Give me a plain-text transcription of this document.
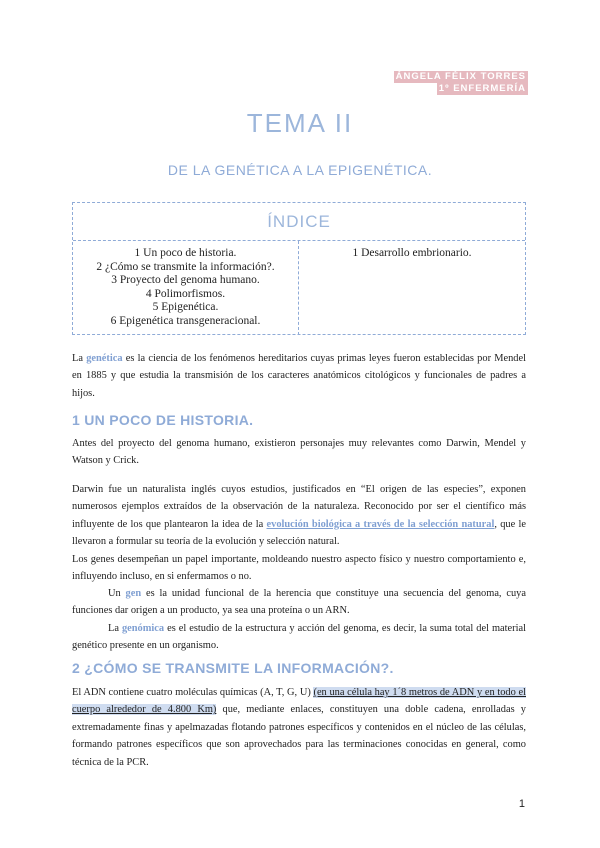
ÁNGELA FÉLIX TORRES
1º ENFERMERÍA
TEMA II
DE LA GENÉTICA A LA EPIGENÉTICA.
ÍNDICE
1 Un poco de historia.
2 ¿Cómo se transmite la información?.
3 Proyecto del genoma humano.
4 Polimorfismos.
5 Epigenética.
6 Epigenética transgeneracional.
1 Desarrollo embrionario.

La genética es la ciencia de los fenómenos hereditarios cuyas primas leyes fueron establecidas por Mendel en 1885 y que estudia la transmisión de los caracteres anatómicos citológicos y funcionales de padres a hijos.

1 UN POCO DE HISTORIA.

Antes del proyecto del genoma humano, existieron personajes muy relevantes como Darwin, Mendel y Watson y Crick.

Darwin fue un naturalista inglés cuyos estudios, justificados en “El origen de las especies”, exponen numerosos ejemplos extraídos de la observación de la naturaleza. Reconocido por ser el científico más influyente de los que plantearon la idea de la evolución biológica a través de la selección natural, que le llevaron a formular su teoría de la evolución y selección natural.

Los genes desempeñan un papel importante, moldeando nuestro aspecto físico y nuestro comportamiento e, influyendo incluso, en si enfermamos o no.

Un gen es la unidad funcional de la herencia que constituye una secuencia del genoma, cuya funciones dar origen a un producto, ya sea una proteína o un ARN.

La genómica es el estudio de la estructura y acción del genoma, es decir, la suma total del material genético presente en un organismo.

2 ¿CÓMO SE TRANSMITE LA INFORMACIÓN?.

El ADN contiene cuatro moléculas químicas (A, T, G, U) (en una célula hay 1´8 metros de ADN y en todo el cuerpo alrededor de 4.800 Km) que, mediante enlaces, constituyen una doble cadena, enrolladas y extremadamente finas y apelmazadas flotando patrones específicos y contenidos en el núcleo de las células, formando patrones específicos que son aprovechados para las terminaciones conocidas en general, como técnica de la PCR.

1
